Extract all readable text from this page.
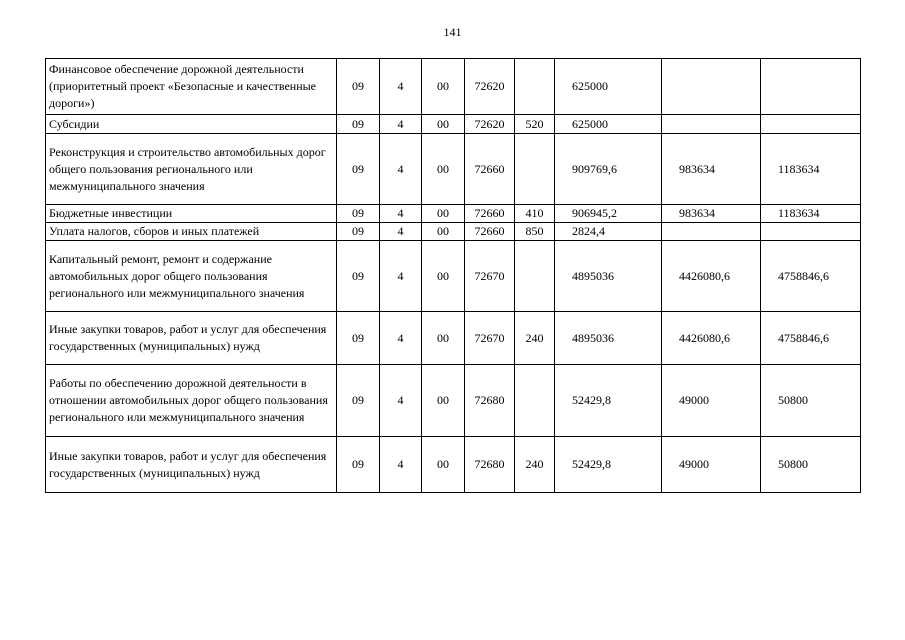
141
Финансовое обеспечение дорожной деятельности (приоритетный проект «Безопасные и качественные дороги»)	09	4	00	72620		625000		
Субсидии	09	4	00	72620	520	625000		
Реконструкция и строительство автомобильных дорог общего пользования регионального или межмуниципального значения	09	4	00	72660		909769,6	983634	1183634
Бюджетные инвестиции	09	4	00	72660	410	906945,2	983634	1183634
Уплата налогов, сборов и иных платежей	09	4	00	72660	850	2824,4		
Капитальный ремонт, ремонт и содержание автомобильных дорог общего пользования регионального или межмуниципального значения	09	4	00	72670		4895036	4426080,6	4758846,6
Иные закупки товаров, работ и услуг для обеспечения государственных (муниципальных) нужд	09	4	00	72670	240	4895036	4426080,6	4758846,6
Работы по обеспечению дорожной деятельности в отношении автомобильных дорог общего пользования регионального или межмуниципального значения	09	4	00	72680		52429,8	49000	50800
Иные закупки товаров, работ и услуг для обеспечения государственных (муниципальных) нужд	09	4	00	72680	240	52429,8	49000	50800
